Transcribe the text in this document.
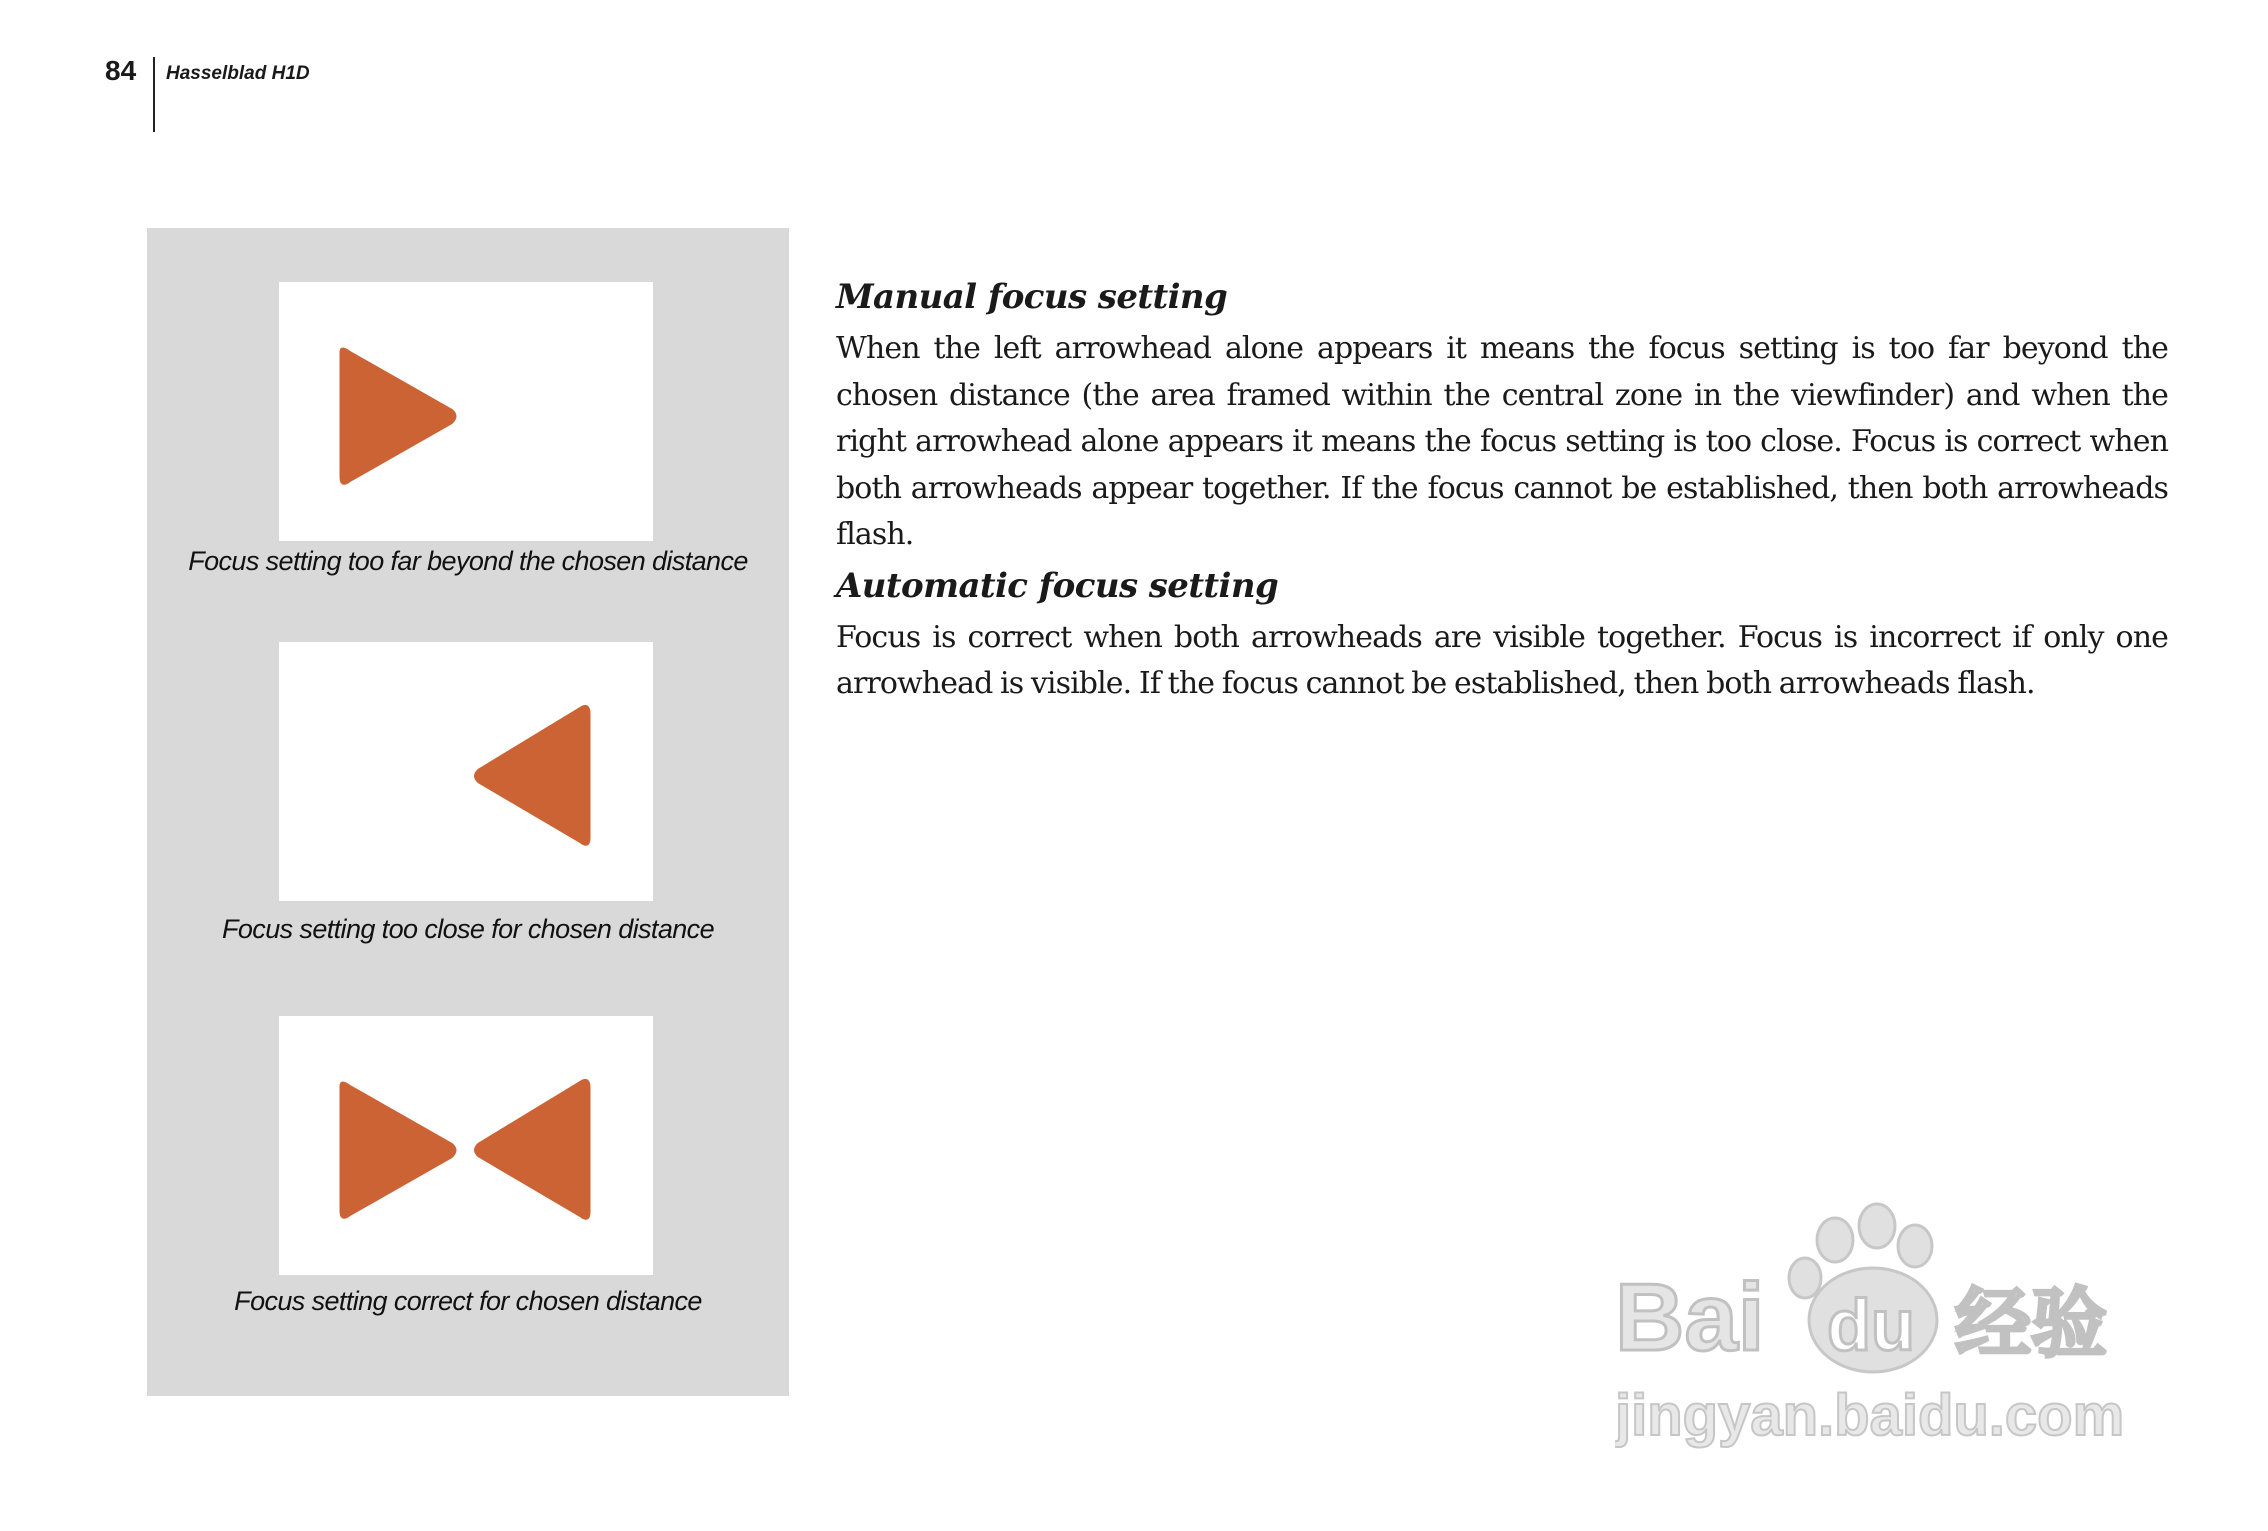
84 Hasselblad H1D
Focus setting too far beyond the chosen distance
Focus setting too close for chosen distance
Focus setting correct for chosen distance
Manual focus setting

When the left arrowhead alone appears it means the focus setting is too far beyond the chosen distance (the area framed within the central zone in the viewfinder) and when the right arrowhead alone appears it means the focus setting is too close. Focus is correct when both arrowheads appear together. If the focus cannot be established, then both arrowheads flash.

Automatic focus setting

Focus is correct when both arrowheads are visible together. Focus is incorrect if only one arrowhead is visible. If the focus cannot be established, then both arrowheads flash.

Bai du 经验
jingyan.baidu.com
